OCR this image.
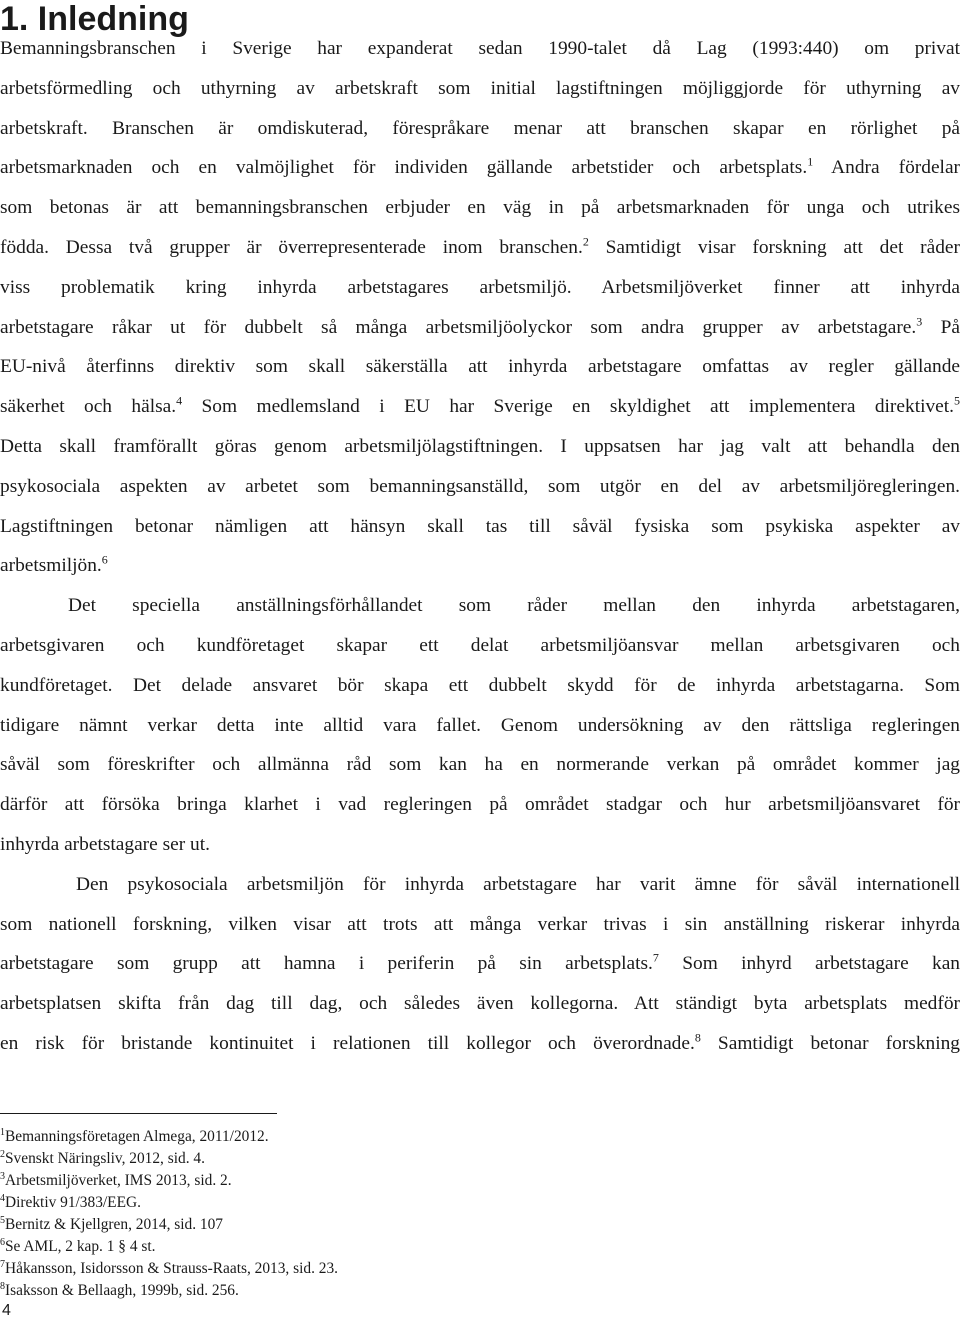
1. Inledning
Bemanningsbranschen i Sverige har expanderat sedan 1990-talet då Lag (1993:440) om privat
arbetsförmedling och uthyrning av arbetskraft som initial lagstiftningen möjliggjorde för uthyrning av
arbetskraft. Branschen är omdiskuterad, förespråkare menar att branschen skapar en rörlighet på
arbetsmarknaden och en valmöjlighet för individen gällande arbetstider och arbetsplats.$^1$ Andra fördelar
som betonas är att bemanningsbranschen erbjuder en väg in på arbetsmarknaden för unga och utrikes
födda. Dessa två grupper är överrepresenterade inom branschen.$^2$ Samtidigt visar forskning att det råder
viss problematik kring inhyrda arbetstagares arbetsmiljö. Arbetsmiljöverket finner att inhyrda
arbetstagare råkar ut för dubbelt så många arbetsmiljöolyckor som andra grupper av arbetstagare.$^3$ På
EU-nivå återfinns direktiv som skall säkerställa att inhyrda arbetstagare omfattas av regler gällande
säkerhet och hälsa.$^4$ Som medlemsland i EU har Sverige en skyldighet att implementera direktivet.$^5$
Detta skall framförallt göras genom arbetsmiljölagstiftningen. I uppsatsen har jag valt att behandla den
psykosociala aspekten av arbetet som bemanningsanställd, som utgör en del av arbetsmiljöregleringen.
Lagstiftningen betonar nämligen att hänsyn skall tas till såväl fysiska som psykiska aspekter av
arbetsmiljön.$^6$
Det speciella anställningsförhållandet som råder mellan den inhyrda arbetstagaren,
arbetsgivaren och kundföretaget skapar ett delat arbetsmiljöansvar mellan arbetsgivaren och
kundföretaget. Det delade ansvaret bör skapa ett dubbelt skydd för de inhyrda arbetstagarna. Som
tidigare nämnt verkar detta inte alltid vara fallet. Genom undersökning av den rättsliga regleringen
såväl som föreskrifter och allmänna råd som kan ha en normerande verkan på området kommer jag
därför att försöka bringa klarhet i vad regleringen på området stadgar och hur arbetsmiljöansvaret för
inhyrda arbetstagare ser ut.
Den psykosociala arbetsmiljön för inhyrda arbetstagare har varit ämne för såväl internationell
som nationell forskning, vilken visar att trots att många verkar trivas i sin anställning riskerar inhyrda
arbetstagare som grupp att hamna i periferin på sin arbetsplats.$^7$ Som inhyrd arbetstagare kan
arbetsplatsen skifta från dag till dag, och således även kollegorna. Att ständigt byta arbetsplats medför
en risk för bristande kontinuitet i relationen till kollegor och överordnade.$^8$ Samtidigt betonar forskning
$^1$Bemanningsföretagen Almega, 2011/2012.
$^2$Svenskt Näringsliv, 2012, sid. 4.
$^3$Arbetsmiljöverket, IMS 2013, sid. 2.
$^4$Direktiv 91/383/EEG.
$^5$Bernitz & Kjellgren, 2014, sid. 107
$^6$Se AML, 2 kap. 1 § 4 st.
$^7$Håkansson, Isidorsson & Strauss-Raats, 2013, sid. 23.
$^8$Isaksson & Bellaagh, 1999b, sid. 256.
4
